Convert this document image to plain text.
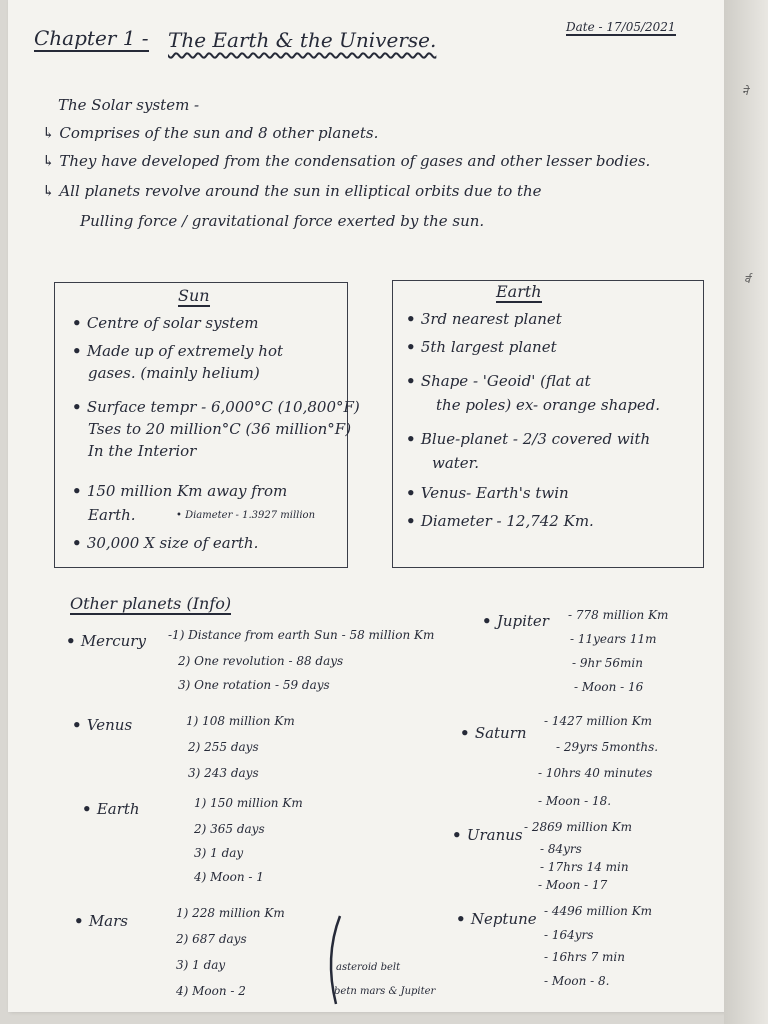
Chapter 1 - The Earth & the Universe.
Date - 17/05/2021
The Solar system -
↳ Comprises of the sun and 8 other planets.
↳ They have developed from the condensation of gases and other lesser bodies.
↳ All planets revolve around the sun in elliptical orbits due to the
Pulling force / gravitational force exerted by the sun.
Sun
• Centre of solar system
• Made up of extremely hot
gases. (mainly helium)
• Surface tempr - 6,000°C (10,800°F)
Tses to 20 million°C (36 million°F)
In the Interior
• 150 million Km away from
Earth.	• Diameter - 1.3927 million
• 30,000 X size of earth.
Earth
• 3rd nearest planet
• 5th largest planet
• Shape - 'Geoid' (flat at
the poles) ex- orange shaped.
• Blue-planet - 2/3 covered with
water.
• Venus- Earth's twin
• Diameter - 12,742 Km.
Other planets (Info)
• Mercury -1) Distance from earth Sun - 58 million Km
2) One revolution - 88 days
3) One rotation - 59 days
• Venus	1) 108 million Km
2) 255 days
3) 243 days
• Earth	1) 150 million Km
2) 365 days
3) 1 day
4) Moon - 1
• Mars	1) 228 million Km
2) 687 days
3) 1 day
4) Moon - 2
asteroid belt
betn mars & Jupiter
• Jupiter - 778 million Km
- 11years 11m
- 9hr 56min
- Moon - 16
• Saturn
- 1427 million Km
- 29yrs 5months.
- 10hrs 40 minutes
- Moon - 18.
• Uranus - 2869 million Km
- 84yrs
- 17hrs 14 min
- Moon - 17
• Neptune - 4496 million Km
- 164yrs
- 16hrs 7 min
- Moon - 8.
ने
र्व
